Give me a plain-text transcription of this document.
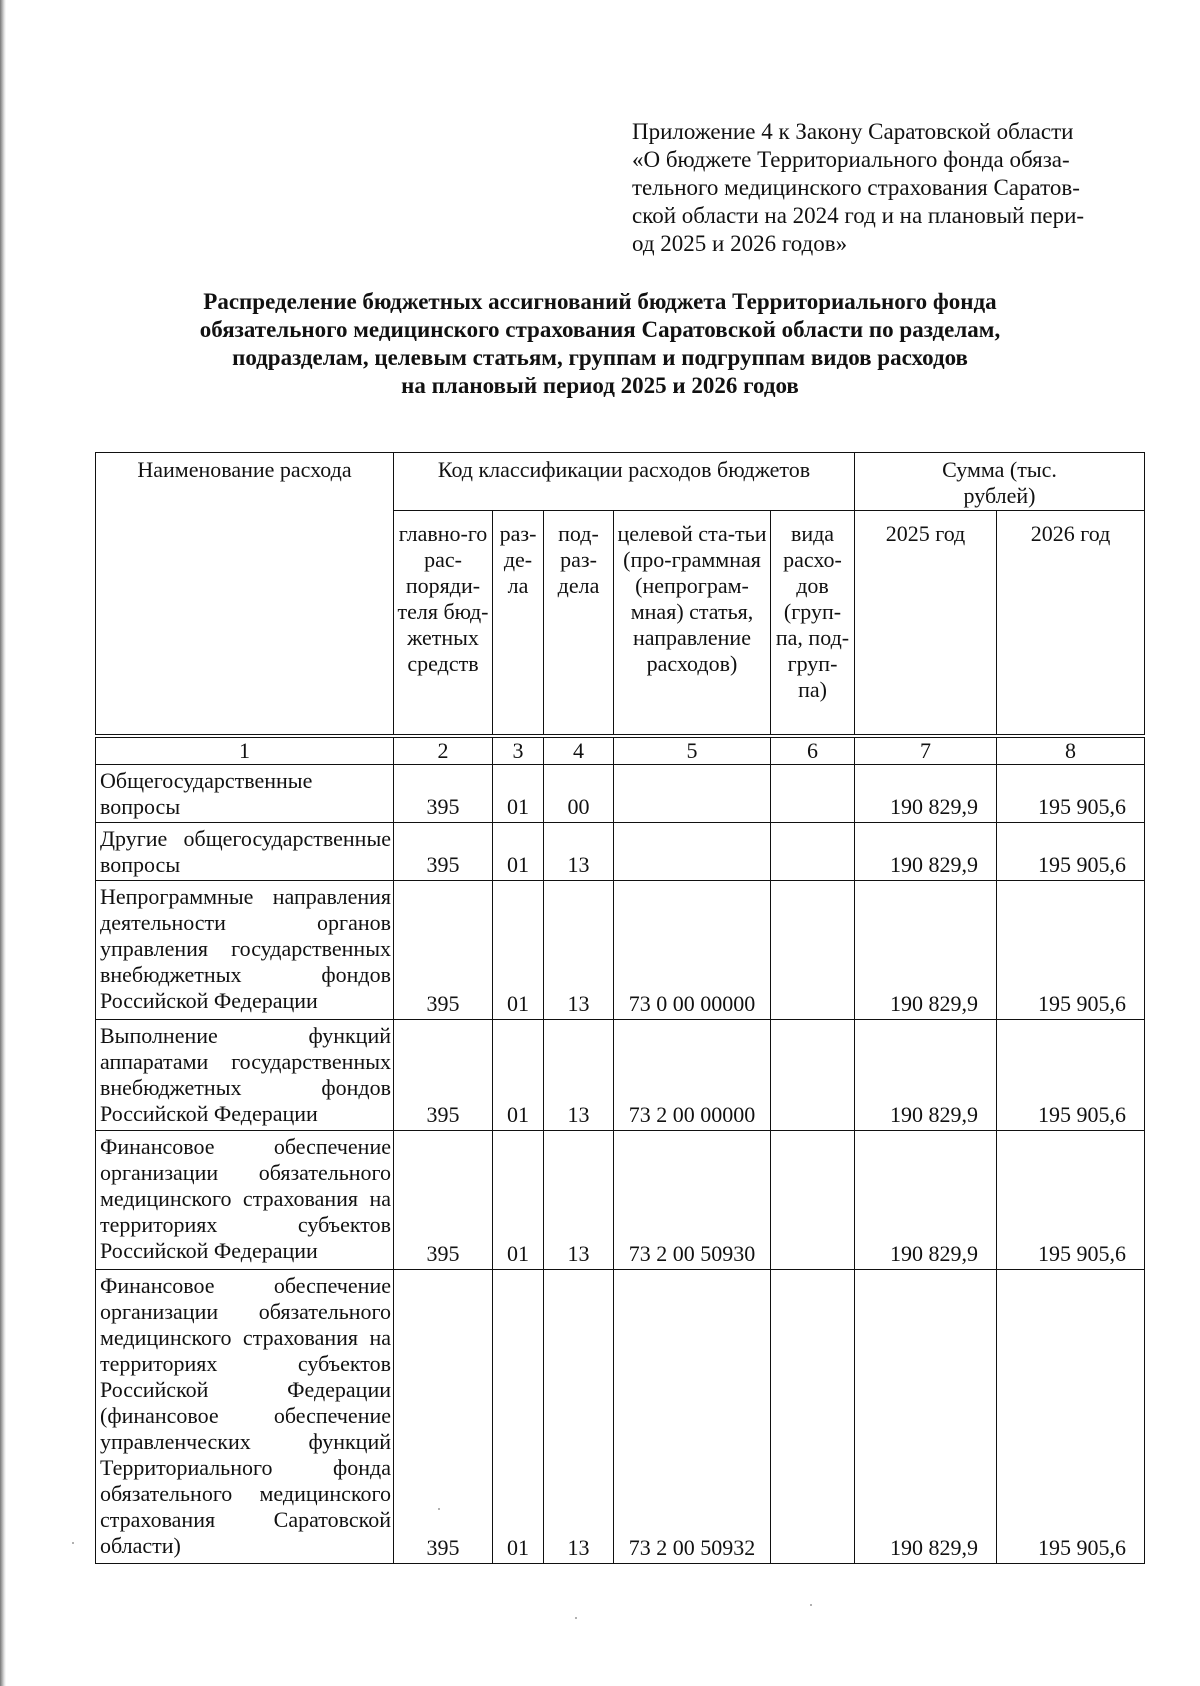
Приложение 4 к Закону Саратовской области
«О бюджете Территориального фонда обяза-
тельного медицинского страхования Саратов-
ской области на 2024 год и на плановый пери-
од 2025 и 2026 годов»
Распределение бюджетных ассигнований бюджета Территориального фонда
обязательного медицинского страхования Саратовской области по разделам,
подразделам, целевым статьям, группам и подгруппам видов расходов
на плановый период 2025 и 2026 годов
Наименование расхода	Код классификации расходов бюджетов					Сумма (тыс. рублей)	
	главно-го рас-поряди-теля бюд-жетных средств	раз-де-ла	под-раз-дела	целевой ста-тьи (про-граммная (непрограм-мная) статья, направление расходов)	вида расхо-дов (груп-па, под-груп-па)	2025 год	2026 год
1	2	3	4	5	6	7	8
Общегосударственные вопросы	395	01	00			190 829,9	195 905,6
Другие общегосударственные вопросы	395	01	13			190 829,9	195 905,6
Непрограммные направления деятельности органов управления государственных внебюджетных фондов Российской Федерации	395	01	13	73 0 00 00000		190 829,9	195 905,6
Выполнение функций аппаратами государственных внебюджетных фондов Российской Федерации	395	01	13	73 2 00 00000		190 829,9	195 905,6
Финансовое обеспечение организации обязательного медицинского страхования на территориях субъектов Российской Федерации	395	01	13	73 2 00 50930		190 829,9	195 905,6
Финансовое обеспечение организации обязательного медицинского страхования на территориях субъектов Российской Федерации (финансовое обеспечение управленческих функций Территориального фонда обязательного медицинского страхования Саратовской области)	395	01	13	73 2 00 50932		190 829,9	195 905,6
